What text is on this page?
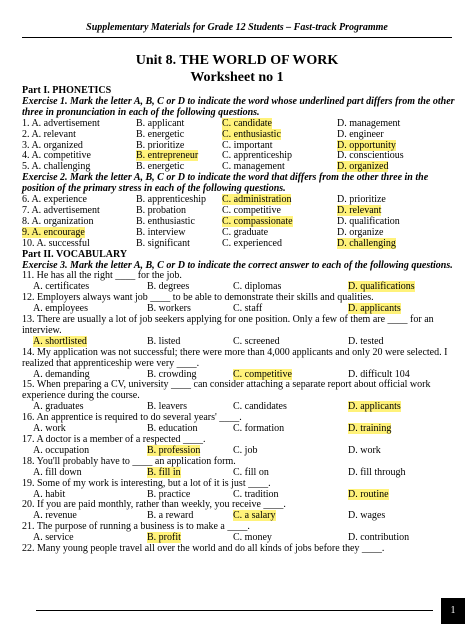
Supplementary Materials for Grade 12 Students – Fast-track Programme
Unit 8. THE WORLD OF WORK
Worksheet no 1
Part I. PHONETICS
Exercise 1. Mark the letter A, B, C or D to indicate the word whose underlined part differs from the other three in pronunciation in each of the following questions.
1. A. advertisement	B. applicant	C. candidate	D. management
2. A. relevant	B. energetic	C. enthusiastic	D. engineer
3. A. organized	B. prioritize	C. important	D. opportunity
4. A. competitive	B. entrepreneur	C. apprenticeship	D. conscientious
5. A. challenging	B. energetic	C. management	D. organized
Exercise 2. Mark the letter A, B, C or D to indicate the word that differs from the other three in the position of the primary stress in each of the following questions.
6. A. experience	B. apprenticeship	C. administration	D. prioritize
7. A. advertisement	B. probation	C. competitive	D. relevant
8. A. organization	B. enthusiastic	C. compassionate	D. qualification
9. A. encourage	B. interview	C. graduate	D. organize
10. A. successful	B. significant	C. experienced	D. challenging
Part II. VOCABULARY
Exercise 3. Mark the letter A, B, C or D to indicate the correct answer to each of the following questions.
11. He has all the right ____ for the job.
A. certificates	B. degrees	C. diplomas	D. qualifications
12. Employers always want job ____ to be able to demonstrate their skills and qualities.
A. employees	B. workers	C. staff	D. applicants
13. There are usually a lot of job seekers applying for one position. Only a few of them are ____ for an interview.
A. shortlisted	B. listed	C. screened	D. tested
14. My application was not successful; there were more than 4,000 applicants and only 20 were selected. I realized that apprenticeship were very ____.
A. demanding	B. crowding	C. competitive	D. difficult 104
15. When preparing a CV, university ____ can consider attaching a separate report about official work experience during the course.
A. graduates	B. leavers	C. candidates	D. applicants
16. An apprentice is required to do several years' ____.
A. work	B. education	C. formation	D. training
17. A doctor is a member of a respected ____.
A. occupation	B. profession	C. job	D. work
18. You'll probably have to ____ an application form.
A. fill down	B. fill in	C. fill on	D. fill through
19. Some of my work is interesting, but a lot of it is just ____.
A. habit	B. practice	C. tradition	D. routine
20. If you are paid monthly, rather than weekly, you receive ____.
A. revenue	B. a reward	C. a salary	D. wages
21. The purpose of running a business is to make a ____.
A. service	B. profit	C. money	D. contribution
22. Many young people travel all over the world and do all kinds of jobs before they ____.
1
